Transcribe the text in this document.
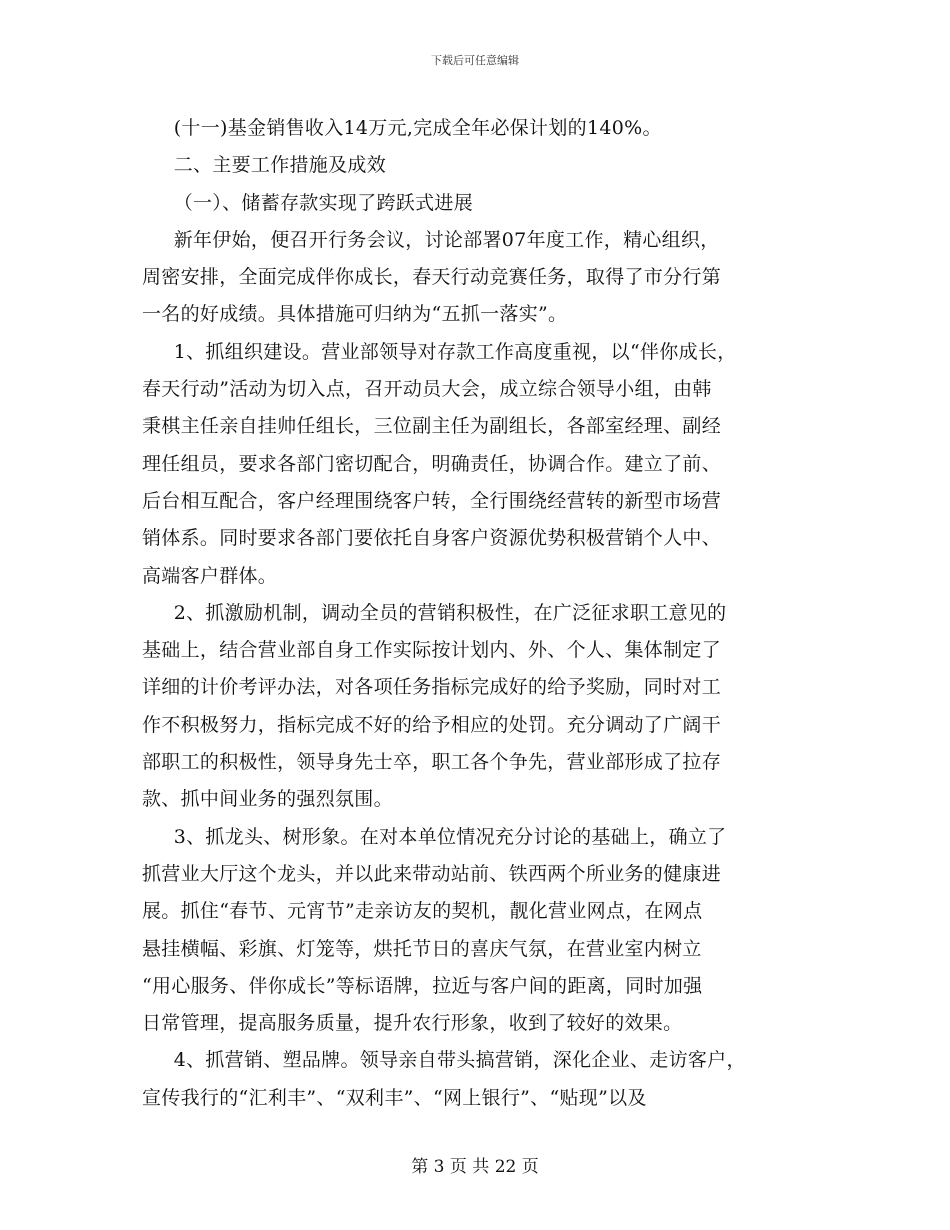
下载后可任意编辑
(十一)基金销售收入14万元,完成全年必保计划的140%。
二、主要工作措施及成效
（一）、储蓄存款实现了跨跃式进展
新年伊始，便召开行务会议，讨论部署07年度工作，精心组织，
周密安排，全面完成伴你成长，春天行动竞赛任务，取得了市分行第
一名的好成绩。具体措施可归纳为“五抓一落实”。
1、抓组织建设。营业部领导对存款工作高度重视，以“伴你成长，
春天行动”活动为切入点，召开动员大会，成立综合领导小组，由韩
秉棋主任亲自挂帅任组长，三位副主任为副组长，各部室经理、副经
理任组员，要求各部门密切配合，明确责任，协调合作。建立了前、
后台相互配合，客户经理围绕客户转，全行围绕经营转的新型市场营
销体系。同时要求各部门要依托自身客户资源优势积极营销个人中、
高端客户群体。
2、抓激励机制，调动全员的营销积极性，在广泛征求职工意见的
基础上，结合营业部自身工作实际按计划内、外、个人、集体制定了
详细的计价考评办法，对各项任务指标完成好的给予奖励，同时对工
作不积极努力，指标完成不好的给予相应的处罚。充分调动了广阔干
部职工的积极性，领导身先士卒，职工各个争先，营业部形成了拉存
款、抓中间业务的强烈氛围。
3、抓龙头、树形象。在对本单位情况充分讨论的基础上，确立了
抓营业大厅这个龙头，并以此来带动站前、铁西两个所业务的健康进
展。抓住“春节、元宵节”走亲访友的契机，靓化营业网点，在网点
悬挂横幅、彩旗、灯笼等，烘托节日的喜庆气氛，在营业室内树立
“用心服务、伴你成长”等标语牌，拉近与客户间的距离，同时加强
日常管理，提高服务质量，提升农行形象，收到了较好的效果。
4、抓营销、塑品牌。领导亲自带头搞营销，深化企业、走访客户，
宣传我行的“汇利丰”、“双利丰”、“网上银行”、“贴现”以及
第 3 页 共 22 页
